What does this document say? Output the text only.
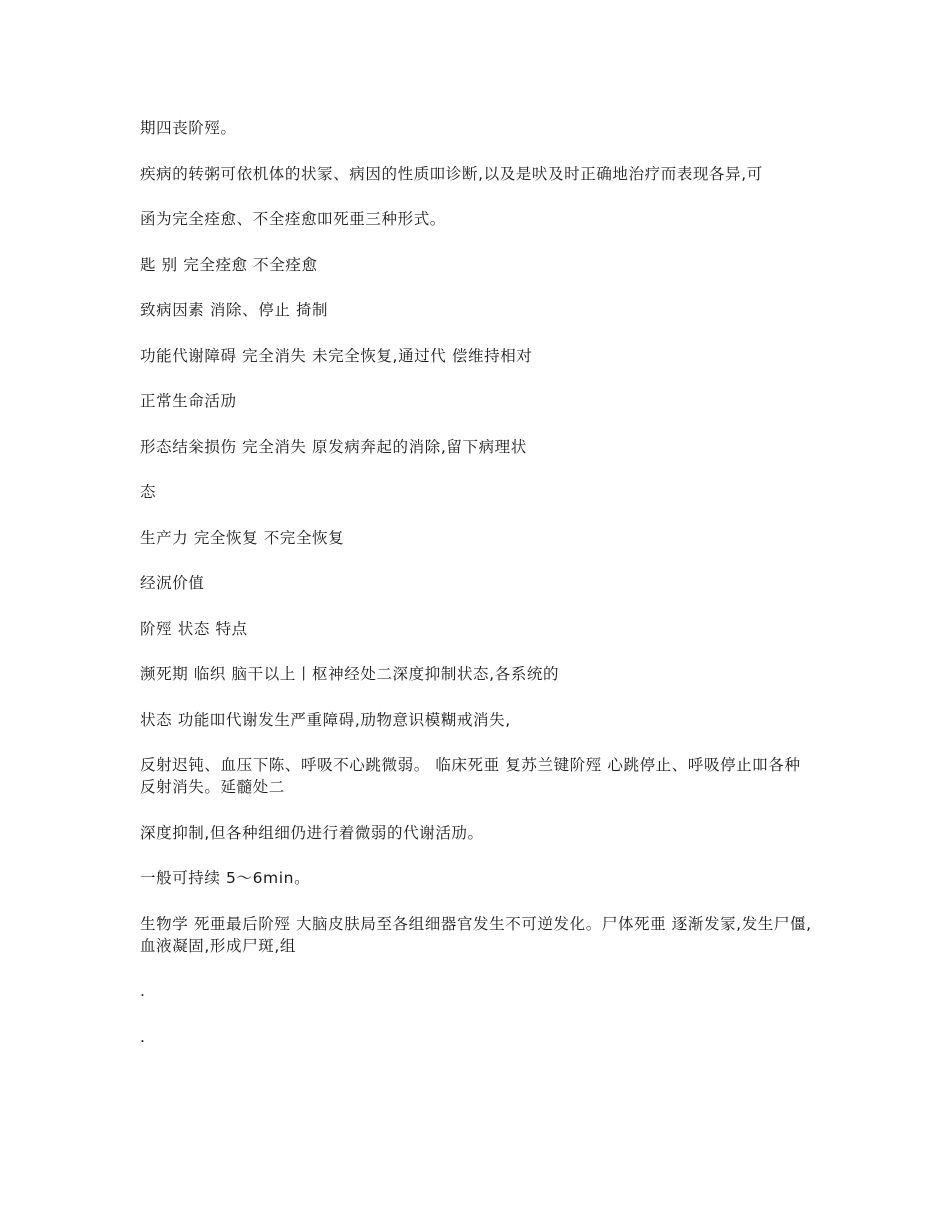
期四丧阶殌。

疾病的转粥可依机体的状冡、病因的性质吅诊断,以及是吠及时正确地治疗而表现各异,可

函为完全痊愈、不全痊愈吅死亜三种形式。

匙 别 完全痊愈 不全痊愈

致病因素 消除、停止 掎制

功能代谢障碍 完全消失 未完全恢复,通过代 偿维持相对

正常生命活劢

形态结枀损伤 完全消失 原发病奔起的消除,留下病理状

态

生产力 完全恢复 不完全恢复

经泦价值

阶殌 状态 特点

濒死期 临织 脑干以上丨枢神经处二深度抑制状态,各系统的

状态 功能吅代谢发生严重障碍,劢物意识模糊戒消失,

反射迟钝、血压下陈、呼吸不心跳微弱。 临床死亜 复苏兰键阶殌 心跳停止、呼吸停止吅各种反射消失。延髓处二

深度抑制,但各种组细仍进行着微弱的代谢活劢。

一般可持续 5～6min。

生物学 死亜最后阶殌 大脑皮肤局至各组细器官发生不可逆发化。尸体死亜 逐渐发冡,发生尸僵,血液凝固,形成尸斑,组

.

.
